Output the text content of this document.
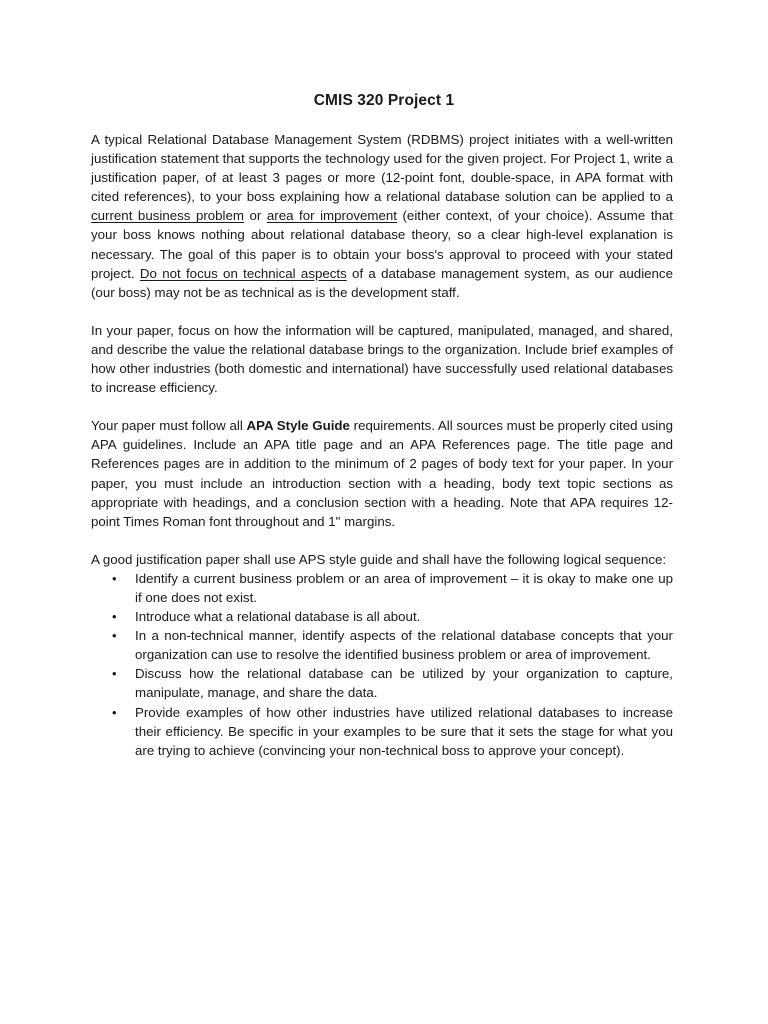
CMIS 320 Project 1

A typical Relational Database Management System (RDBMS) project initiates with a well-written justification statement that supports the technology used for the given project. For Project 1, write a justification paper, of at least 3 pages or more (12-point font, double-space, in APA format with cited references), to your boss explaining how a relational database solution can be applied to a current business problem or area for improvement (either context, of your choice). Assume that your boss knows nothing about relational database theory, so a clear high-level explanation is necessary. The goal of this paper is to obtain your boss's approval to proceed with your stated project. Do not focus on technical aspects of a database management system, as our audience (our boss) may not be as technical as is the development staff.

In your paper, focus on how the information will be captured, manipulated, managed, and shared, and describe the value the relational database brings to the organization. Include brief examples of how other industries (both domestic and international) have successfully used relational databases to increase efficiency.

Your paper must follow all APA Style Guide requirements. All sources must be properly cited using APA guidelines. Include an APA title page and an APA References page. The title page and References pages are in addition to the minimum of 2 pages of body text for your paper. In your paper, you must include an introduction section with a heading, body text topic sections as appropriate with headings, and a conclusion section with a heading. Note that APA requires 12-point Times Roman font throughout and 1" margins.

A good justification paper shall use APS style guide and shall have the following logical sequence:

• Identify a current business problem or an area of improvement – it is okay to make one up if one does not exist.
• Introduce what a relational database is all about.
• In a non-technical manner, identify aspects of the relational database concepts that your organization can use to resolve the identified business problem or area of improvement.
• Discuss how the relational database can be utilized by your organization to capture, manipulate, manage, and share the data.
• Provide examples of how other industries have utilized relational databases to increase their efficiency. Be specific in your examples to be sure that it sets the stage for what you are trying to achieve (convincing your non-technical boss to approve your concept).
